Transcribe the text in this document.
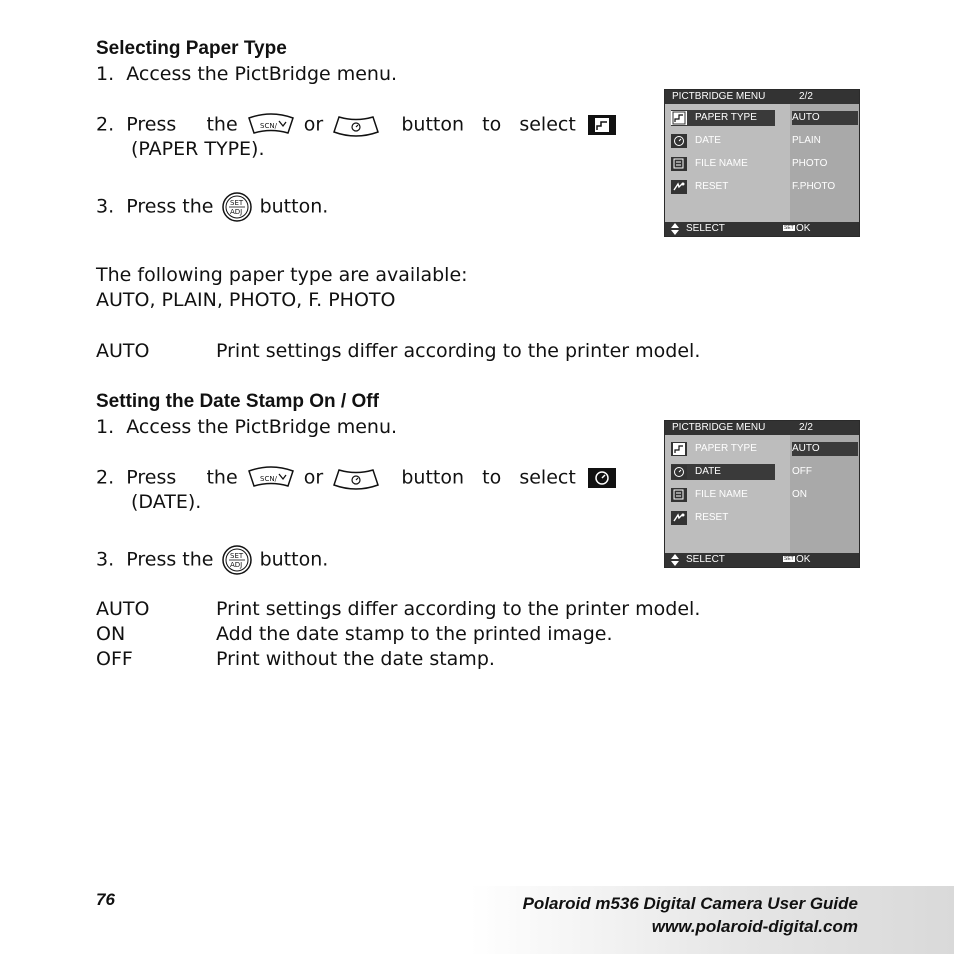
Selecting Paper Type
1. Access the PictBridge menu.
2. Press the	SCN/ or	button to select
(PAPER TYPE).
3. Press the SET
ADJ button.
The following paper type are available:
AUTO, PLAIN, PHOTO, F. PHOTO
AUTO	Print settings differ according to the printer model.
PICTBRIDGE MENU	2/2
PAPER TYPE
DATE
FILE NAME
RESET
AUTO
PLAIN
PHOTO
F.PHOTO
SELECT	SET OK
Setting the Date Stamp On / Off
1. Access the PictBridge menu.
2. Press the	SCN/ or	button to select
(DATE).
3. Press the SET
ADJ button.
AUTO	Print settings differ according to the printer model.
ON	Add the date stamp to the printed image.
OFF	Print without the date stamp.
PICTBRIDGE MENU	2/2
PAPER TYPE
DATE
FILE NAME
RESET
AUTO
OFF
ON
SELECT	SET OK
76	Polaroid m536 Digital Camera User Guide
www.polaroid-digital.com
